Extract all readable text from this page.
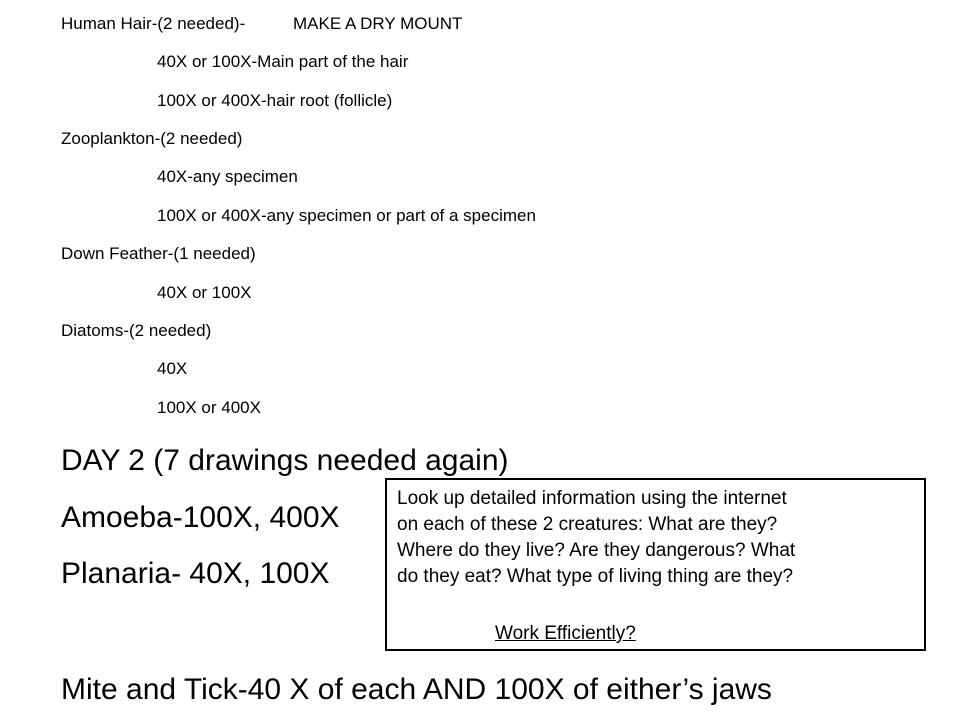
Human Hair-(2 needed)-	MAKE A DRY MOUNT
40X or 100X-Main part of the hair
100X or 400X-hair root (follicle)
Zooplankton-(2 needed)
40X-any specimen
100X or 400X-any specimen or part of a specimen
Down Feather-(1 needed)
40X or 100X
Diatoms-(2 needed)
40X
100X or 400X
DAY 2 (7 drawings needed again)
Amoeba-100X, 400X
Planaria- 40X, 100X
Mite and Tick-40 X of each AND 100X of either’s jaws
Look up detailed information using the internet
on each of these 2 creatures: What are they?
Where do they live? Are they dangerous? What
do they eat? What type of living thing are they?
Work Efficiently?
